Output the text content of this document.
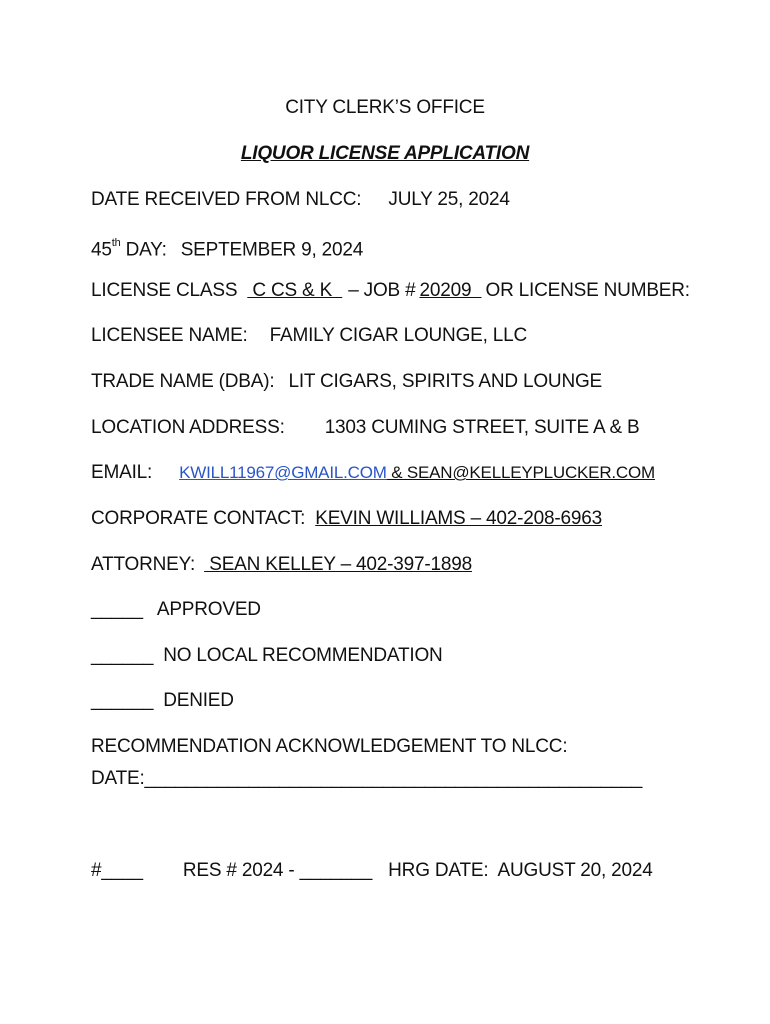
CITY CLERK’S OFFICE
LIQUOR LICENSE APPLICATION
DATE RECEIVED FROM NLCC: JULY 25, 2024
45th DAY: SEPTEMBER 9, 2024
LICENSE CLASS C CS & K  – JOB # 20209  OR LICENSE NUMBER:
LICENSEE NAME: FAMILY CIGAR LOUNGE, LLC
TRADE NAME (DBA): LIT CIGARS, SPIRITS AND LOUNGE
LOCATION ADDRESS: 1303 CUMING STREET, SUITE A & B
EMAIL: KWILL11967@GMAIL.COM & SEAN@KELLEYPLUCKER.COM
CORPORATE CONTACT: KEVIN WILLIAMS – 402-208-6963
ATTORNEY: SEAN KELLEY – 402-397-1898
_____ APPROVED
______ NO LOCAL RECOMMENDATION
______ DENIED
RECOMMENDATION ACKNOWLEDGEMENT TO NLCC:
DATE:________________________________________________
#____ RES # 2024 - _______ HRG DATE:  AUGUST 20, 2024
